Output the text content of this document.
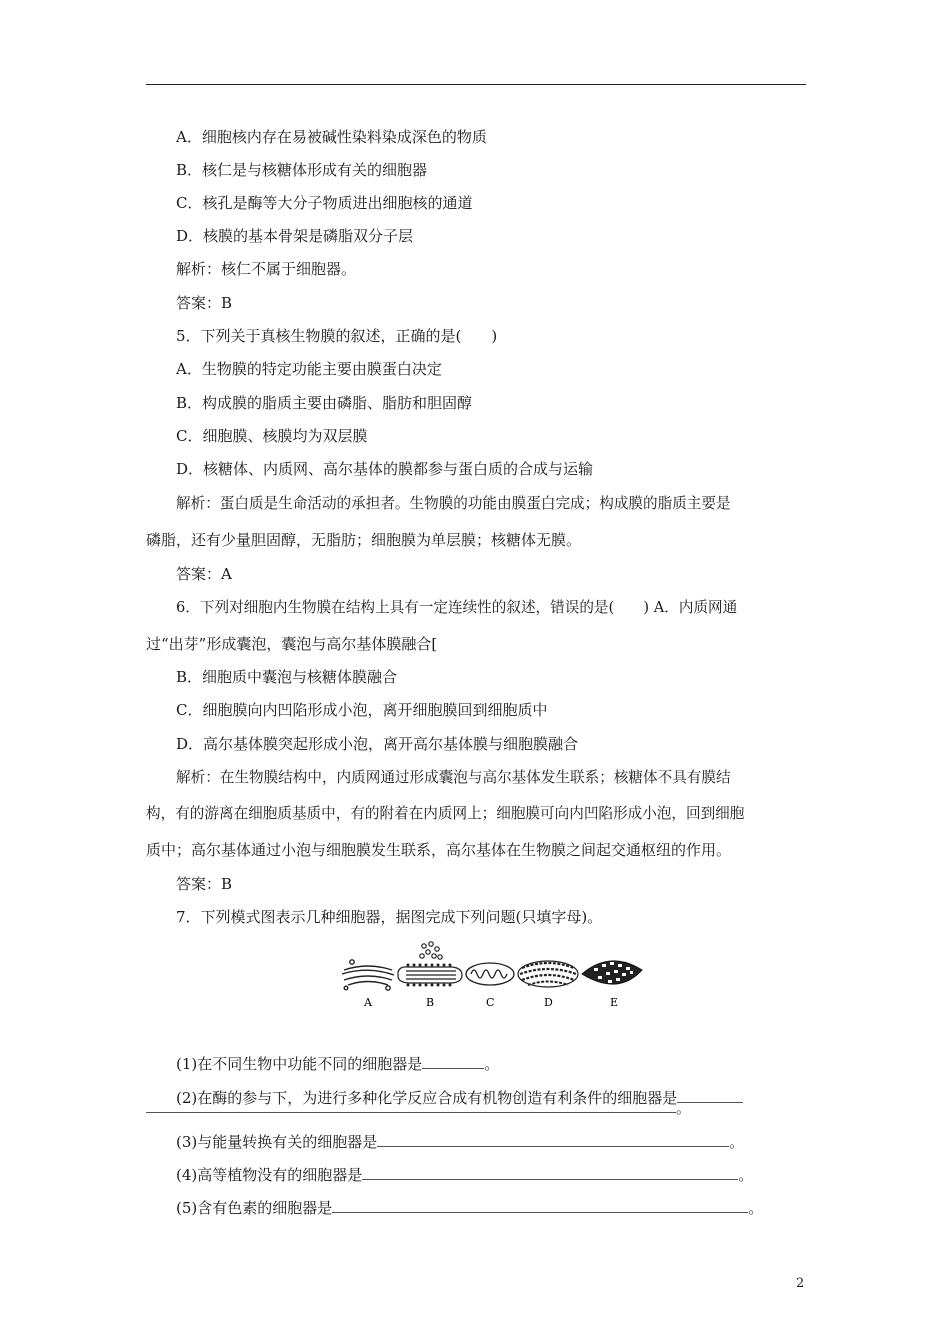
A．细胞核内存在易被碱性染料染成深色的物质
B．核仁是与核糖体形成有关的细胞器
C．核孔是酶等大分子物质进出细胞核的通道
D．核膜的基本骨架是磷脂双分子层
解析：核仁不属于细胞器。
答案：B
5．下列关于真核生物膜的叙述，正确的是(　　)
A．生物膜的特定功能主要由膜蛋白决定
B．构成膜的脂质主要由磷脂、脂肪和胆固醇
C．细胞膜、核膜均为双层膜
D．核糖体、内质网、高尔基体的膜都参与蛋白质的合成与运输
解析：蛋白质是生命活动的承担者。生物膜的功能由膜蛋白完成；构成膜的脂质主要是
磷脂，还有少量胆固醇，无脂肪；细胞膜为单层膜；核糖体无膜。
答案：A
6．下列对细胞内生物膜在结构上具有一定连续性的叙述，错误的是(　　) A．内质网通
过“出芽”形成囊泡，囊泡与高尔基体膜融合[
B．细胞质中囊泡与核糖体膜融合
C．细胞膜向内凹陷形成小泡，离开细胞膜回到细胞质中
D．高尔基体膜突起形成小泡，离开高尔基体膜与细胞膜融合
解析：在生物膜结构中，内质网通过形成囊泡与高尔基体发生联系；核糖体不具有膜结
构，有的游离在细胞质基质中，有的附着在内质网上；细胞膜可向内凹陷形成小泡，回到细胞
质中；高尔基体通过小泡与细胞膜发生联系，高尔基体在生物膜之间起交通枢纽的作用。
答案：B
7．下列模式图表示几种细胞器，据图完成下列问题(只填字母)。
A	B	C	D	E
(1)在不同生物中功能不同的细胞器是	。
(2)在酶的参与下，为进行多种化学反应合成有机物创造有利条件的细胞器是
。
(3)与能量转换有关的细胞器是	。
(4)高等植物没有的细胞器是	。
(5)含有色素的细胞器是	。
2
